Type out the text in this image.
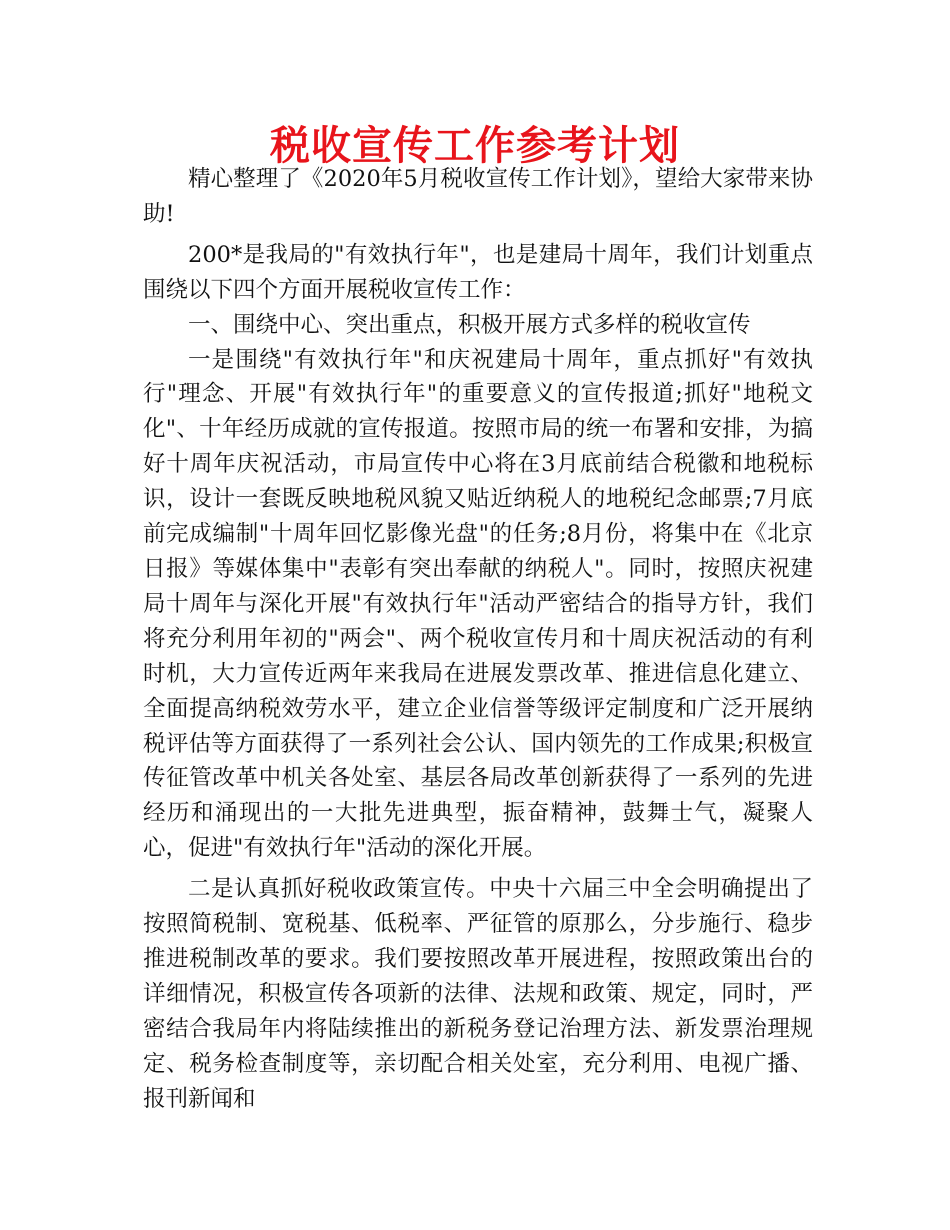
税收宣传工作参考计划

精心整理了《2020年5月税收宣传工作计划》，望给大家带来协助!

200*是我局的"有效执行年"，也是建局十周年，我们计划重点围绕以下四个方面开展税收宣传工作：

一、围绕中心、突出重点，积极开展方式多样的税收宣传

一是围绕"有效执行年"和庆祝建局十周年，重点抓好"有效执行"理念、开展"有效执行年"的重要意义的宣传报道;抓好"地税文化"、十年经历成就的宣传报道。按照市局的统一布署和安排，为搞好十周年庆祝活动，市局宣传中心将在3月底前结合税徽和地税标识，设计一套既反映地税风貌又贴近纳税人的地税纪念邮票;7月底前完成编制"十周年回忆影像光盘"的任务;8月份，将集中在《北京日报》等媒体集中"表彰有突出奉献的纳税人"。同时，按照庆祝建局十周年与深化开展"有效执行年"活动严密结合的指导方针，我们将充分利用年初的"两会"、两个税收宣传月和十周庆祝活动的有利时机，大力宣传近两年来我局在进展发票改革、推进信息化建立、全面提高纳税效劳水平，建立企业信誉等级评定制度和广泛开展纳税评估等方面获得了一系列社会公认、国内领先的工作成果;积极宣传征管改革中机关各处室、基层各局改革创新获得了一系列的先进经历和涌现出的一大批先进典型，振奋精神，鼓舞士气，凝聚人心，促进"有效执行年"活动的深化开展。

二是认真抓好税收政策宣传。中央十六届三中全会明确提出了按照简税制、宽税基、低税率、严征管的原那么，分步施行、稳步推进税制改革的要求。我们要按照改革开展进程，按照政策出台的详细情况，积极宣传各项新的法律、法规和政策、规定，同时，严密结合我局年内将陆续推出的新税务登记治理方法、新发票治理规定、税务检查制度等，亲切配合相关处室，充分利用、电视广播、报刊新闻和
